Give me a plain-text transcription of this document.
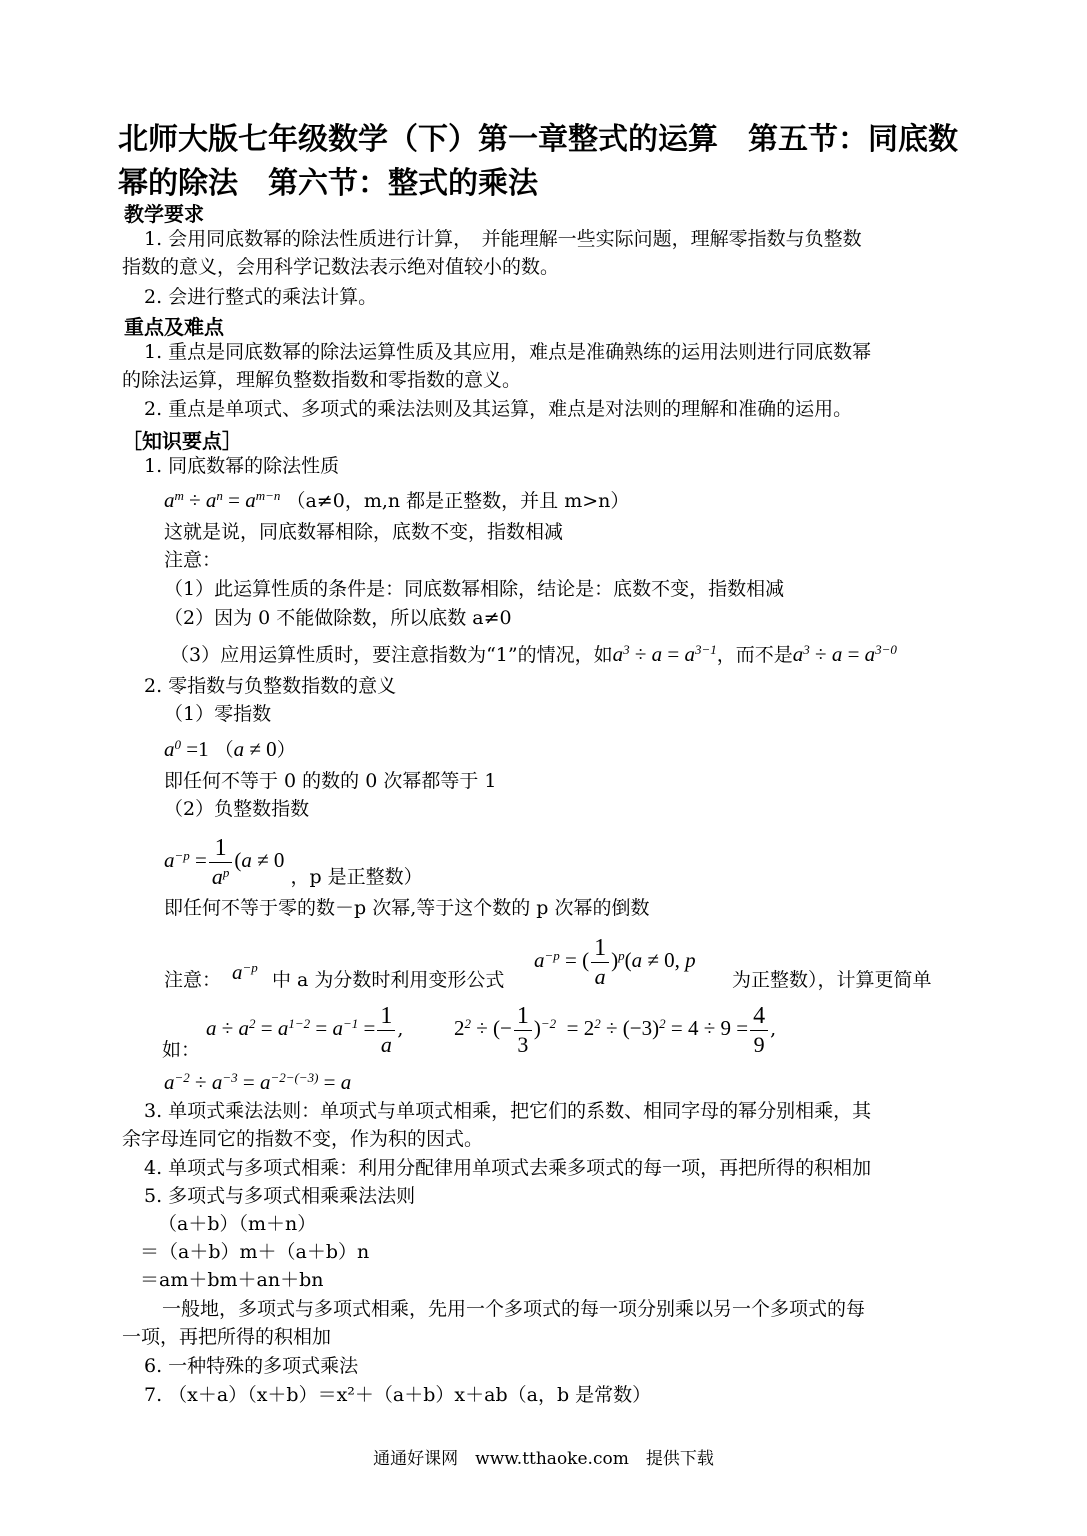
北师大版七年级数学（下）第一章整式的运算　第五节：同底数幂的除法　第六节：整式的乘法
教学要求
1. 会用同底数幂的除法性质进行计算，　并能理解一些实际问题，理解零指数与负整数
指数的意义，会用科学记数法表示绝对值较小的数。
2. 会进行整式的乘法计算。
重点及难点
1. 重点是同底数幂的除法运算性质及其应用，难点是准确熟练的运用法则进行同底数幂
的除法运算，理解负整数指数和零指数的意义。
2. 重点是单项式、多项式的乘法法则及其运算，难点是对法则的理解和准确的运用。
［知识要点］
1. 同底数幂的除法性质
$a^m \div a^n = a^{m-n}$ （a≠0，m,n 都是正整数，并且 m>n）
这就是说，同底数幂相除，底数不变，指数相减
注意：
（1）此运算性质的条件是：同底数幂相除，结论是：底数不变，指数相减
（2）因为 0 不能做除数，所以底数 a≠0
（3）应用运算性质时，要注意指数为“1”的情况，如$a^3 \div a = a^{3-1}$，而不是$a^3 \div a = a^{3-0}$
2. 零指数与负整数指数的意义
（1）零指数
$a^0 =1$ （a ≠ 0）
即任何不等于 0 的数的 0 次幂都等于 1
（2）负整数指数
$a^{-p} = \frac{1}{a^p} (a \ne 0$ ，p 是正整数）
即任何不等于零的数－p 次幂,等于这个数的 p 次幂的倒数
注意： $a^{-p}$
中 a 为分数时利用变形公式
$a^{-p}$ = ( $\frac{1}{a} )^p(a \ne 0$, p
为正整数），计算更简单
如：
$a \div a^2 = a^{1-2} = a^{-1} = \frac{1}{a}$ , $2^2$ ÷ (− $\frac{1}{3} )^{-2} = 2^2 \div (-3)^2 = 4 \div 9 = \frac{4}{9}$ ,
$a^{-2} \div a^{-3} = a^{-2-(-3)} = a$
3. 单项式乘法法则：单项式与单项式相乘，把它们的系数、相同字母的幂分别相乘，其
余字母连同它的指数不变，作为积的因式。
4. 单项式与多项式相乘：利用分配律用单项式去乘多项式的每一项，再把所得的积相加
5. 多项式与多项式相乘乘法法则
（a＋b）（m＋n）
＝（a＋b）m＋（a＋b）n
＝am＋bm＋an＋bn
一般地，多项式与多项式相乘，先用一个多项式的每一项分别乘以另一个多项式的每
一项，再把所得的积相加
6. 一种特殊的多项式乘法
7. （x＋a）（x＋b）＝x²＋（a＋b）x＋ab（a，b 是常数）
通通好课网　www.tthaoke.com　提供下载
